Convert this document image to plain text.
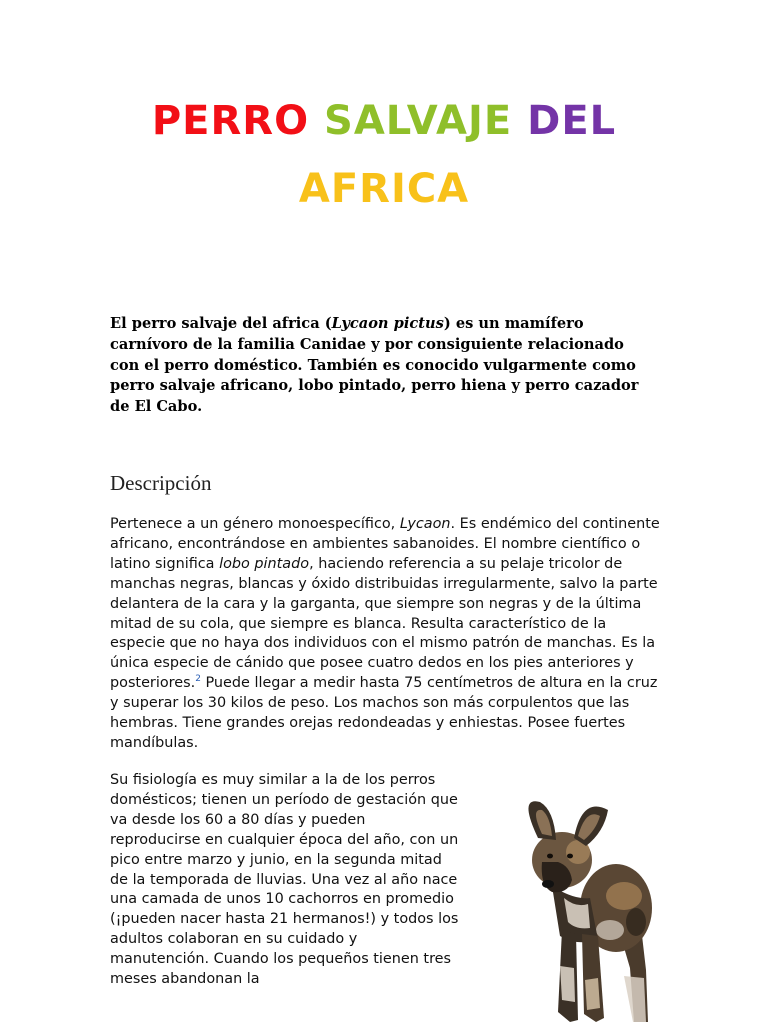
PERRO SALVAJE DEL
AFRICA

El perro salvaje del africa (Lycaon pictus) es un mamífero carnívoro de la familia Canidae y por consiguiente relacionado con el perro doméstico. También es conocido vulgarmente como perro salvaje africano, lobo pintado, perro hiena y perro cazador de El Cabo.

Descripción

Pertenece a un género monoespecífico, Lycaon. Es endémico del continente africano, encontrándose en ambientes sabanoides. El nombre científico o latino significa lobo pintado, haciendo referencia a su pelaje tricolor de manchas negras, blancas y óxido distribuidas irregularmente, salvo la parte delantera de la cara y la garganta, que siempre son negras y de la última mitad de su cola, que siempre es blanca. Resulta característico de la especie que no haya dos individuos con el mismo patrón de manchas. Es la única especie de cánido que posee cuatro dedos en los pies anteriores y posteriores.$^2$ Puede llegar a medir hasta 75 centímetros de altura en la cruz y superar los 30 kilos de peso. Los machos son más corpulentos que las hembras. Tiene grandes orejas redondeadas y enhiestas. Posee fuertes mandíbulas.

Su fisiología es muy similar a la de los perros domésticos; tienen un período de gestación que va desde los 60 a 80 días y pueden reproducirse en cualquier época del año, con un pico entre marzo y junio, en la segunda mitad de la temporada de lluvias. Una vez al año nace una camada de unos 10 cachorros en promedio (¡pueden nacer hasta 21 hermanos!) y todos los adultos colaboran en su cuidado y manutención. Cuando los pequeños tienen tres meses abandonan la
